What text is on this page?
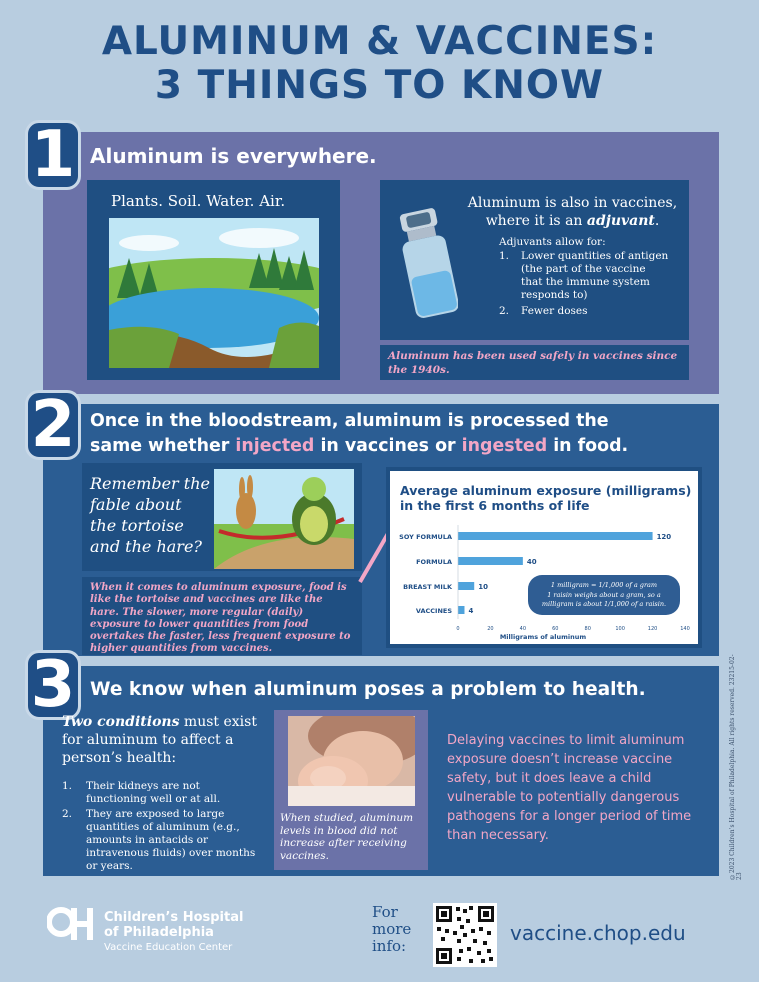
ALUMINUM & VACCINES:
3 THINGS TO KNOW
1 Aluminum is everywhere.
Plants. Soil. Water. Air.	Aluminum is also in vaccines,
where it is an adjuvant.
Adjuvants allow for:
1. Lower quantities of antigen (the part of the vaccine that the immune system responds to)
2. Fewer doses
Aluminum has been used safely in vaccines since the 1940s.
2 Once in the bloodstream, aluminum is processed the
same whether injected in vaccines or ingested in food.
Remember the
fable about
the tortoise
and the hare?
When it comes to aluminum exposure, food is like the tortoise and vaccines are like the hare. The slower, more regular (daily) exposure to lower quantities from food overtakes the faster, less frequent exposure to higher quantities from vaccines.
Average aluminum exposure (milligrams)
in the first 6 months of life
SOY FORMULA	120
FORMULA	40
BREAST MILK	10
VACCINES 4
0	20	40	60	80	100	120	140
Milligrams of aluminum
1 milligram = 1/1,000 of a gram
1 raisin weighs about a gram, so a
milligram is about 1/1,000 of a raisin.
3 We know when aluminum poses a problem to health.
Two conditions must exist for aluminum to affect a person’s health:
1. Their kidneys are not functioning well or at all.
2. They are exposed to large quantities of aluminum (e.g., amounts in antacids or intravenous fluids) over months or years.
When studied, aluminum levels in blood did not increase after receiving vaccines.
Delaying vaccines to limit aluminum exposure doesn’t increase vaccine safety, but it does leave a child vulnerable to potentially dangerous pathogens for a longer period of time than necessary.	©2023 Children’s Hospital of Philadelphia. All rights reserved. 23215-02-23
Children’s Hospital
of Philadelphia
Vaccine Education Center
For more info:
vaccine.chop.edu
